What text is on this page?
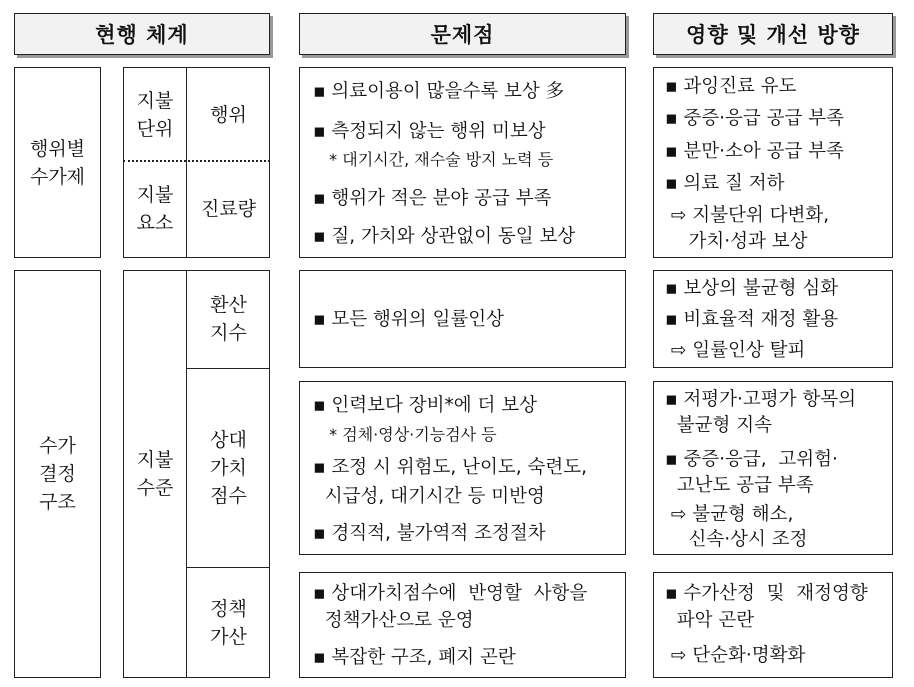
현행 체계	문제점	영향 및 개선 방향
행위별
수가제
지불
단위
행위
지불
요소
진료량
▪ 의료이용이 많을수록 보상 多
▪ 측정되지 않는 행위 미보상
* 대기시간, 재수술 방지 노력 등
▪ 행위가 적은 분야 공급 부족
▪ 질, 가치와 상관없이 동일 보상
▪ 과잉진료 유도
▪ 중증·응급 공급 부족
▪ 분만·소아 공급 부족
▪ 의료 질 저하
⇨ 지불단위 다변화,
가치·성과 보상
수가
결정
구조
지불
수준
환산
지수
상대
가치
점수
정책
가산
▪ 모든 행위의 일률인상
▪ 보상의 불균형 심화
▪ 비효율적 재정 활용
⇨ 일률인상 탈피
▪ 인력보다 장비*에 더 보상
* 검체·영상·기능검사 등
▪ 조정 시 위험도, 난이도, 숙련도,
시급성, 대기시간 등 미반영
▪ 경직적, 불가역적 조정절차
▪ 저평가·고평가 항목의
불균형 지속
▪ 중증·응급,  고위험·
고난도 공급 부족
⇨ 불균형 해소,
신속·상시 조정
▪ 상대가치점수에  반영할  사항을
정책가산으로 운영
▪ 복잡한 구조, 폐지 곤란
▪ 수가산정  및  재정영향
파악 곤란
⇨ 단순화·명확화
